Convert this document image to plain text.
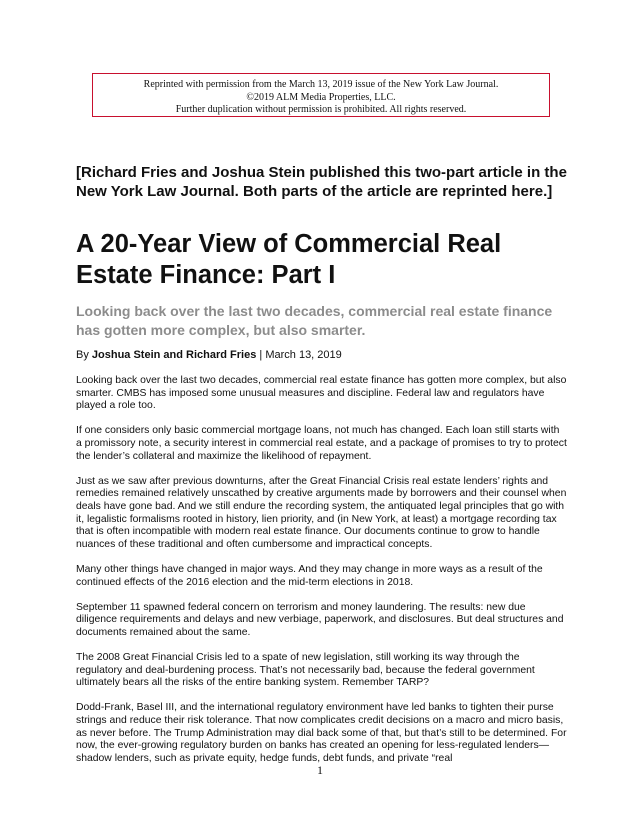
Reprinted with permission from the March 13, 2019 issue of the New York Law Journal.
©2019 ALM Media Properties, LLC.
Further duplication without permission is prohibited. All rights reserved.
[Richard Fries and Joshua Stein published this two-part article in the New York Law Journal. Both parts of the article are reprinted here.]
A 20-Year View of Commercial Real Estate Finance: Part I
Looking back over the last two decades, commercial real estate finance has gotten more complex, but also smarter.
By Joshua Stein and Richard Fries | March 13, 2019

Looking back over the last two decades, commercial real estate finance has gotten more complex, but also smarter. CMBS has imposed some unusual measures and discipline. Federal law and regulators have played a role too.

If one considers only basic commercial mortgage loans, not much has changed. Each loan still starts with a promissory note, a security interest in commercial real estate, and a package of promises to try to protect the lender’s collateral and maximize the likelihood of repayment.

Just as we saw after previous downturns, after the Great Financial Crisis real estate lenders’ rights and remedies remained relatively unscathed by creative arguments made by borrowers and their counsel when deals have gone bad. And we still endure the recording system, the antiquated legal principles that go with it, legalistic formalisms rooted in history, lien priority, and (in New York, at least) a mortgage recording tax that is often incompatible with modern real estate finance. Our documents continue to grow to handle nuances of these traditional and often cumbersome and impractical concepts.

Many other things have changed in major ways. And they may change in more ways as a result of the continued effects of the 2016 election and the mid-term elections in 2018.

September 11 spawned federal concern on terrorism and money laundering. The results: new due diligence requirements and delays and new verbiage, paperwork, and disclosures. But deal structures and documents remained about the same.

The 2008 Great Financial Crisis led to a spate of new legislation, still working its way through the regulatory and deal-burdening process. That’s not necessarily bad, because the federal government ultimately bears all the risks of the entire banking system. Remember TARP?

Dodd-Frank, Basel III, and the international regulatory environment have led banks to tighten their purse strings and reduce their risk tolerance. That now complicates credit decisions on a macro and micro basis, as never before. The Trump Administration may dial back some of that, but that’s still to be determined. For now, the ever-growing regulatory burden on banks has created an opening for less-regulated lenders—shadow lenders, such as private equity, hedge funds, debt funds, and private “real

1
